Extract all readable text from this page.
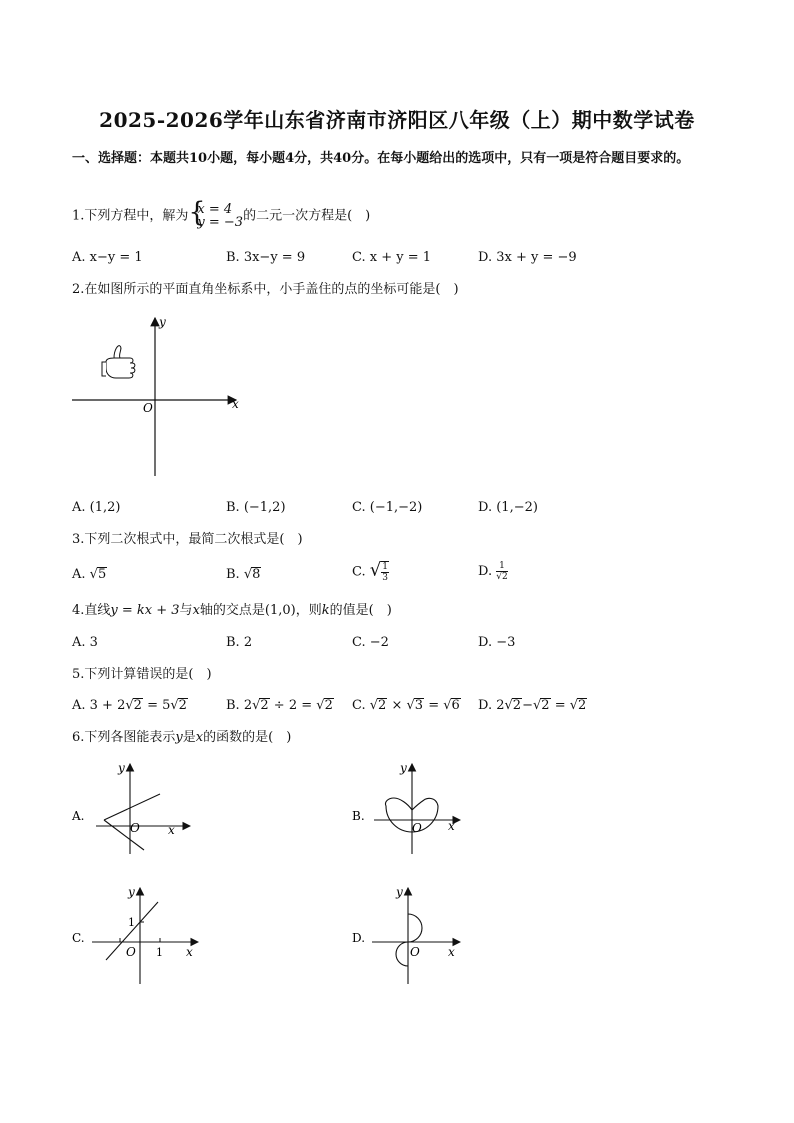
2025-2026学年山东省济南市济阳区八年级（上）期中数学试卷
一、选择题：本题共10小题，每小题4分，共40分。在每小题给出的选项中，只有一项是符合题目要求的。
1.下列方程中，解为 {
x = 4
y = −3 的二元一次方程是(　)
A. x−y = 1	B. 3x−y = 9	C. x + y = 1	D. 3x + y = −9
2.在如图所示的平面直角坐标系中，小手盖住的点的坐标可能是(　)
x
y
O
A. (1,2)	B. (−1,2)	C. (−1,−2)	D. (1,−2)
3.下列二次根式中，最简二次根式是(　)
A. √5	B. √8	C. √ $\frac{1}{3}$	D. $\frac{1}{√2}$
4.直线y = kx + 3与x轴的交点是(1,0)，则k的值是(　)
A. 3	B. 2	C. −2	D. −3
5.下列计算错误的是(　)
A. 3 + 2√2 = 5√2	B. 2√2 ÷ 2 = √2 C. √2 × √3 = √6 D. 2√2−√2 = √2
6.下列各图能表示y是x的函数的是(　)
A.
y
x
O
B.
y
x
O
C.
y
x
O 1
1
D.
y
x
O
